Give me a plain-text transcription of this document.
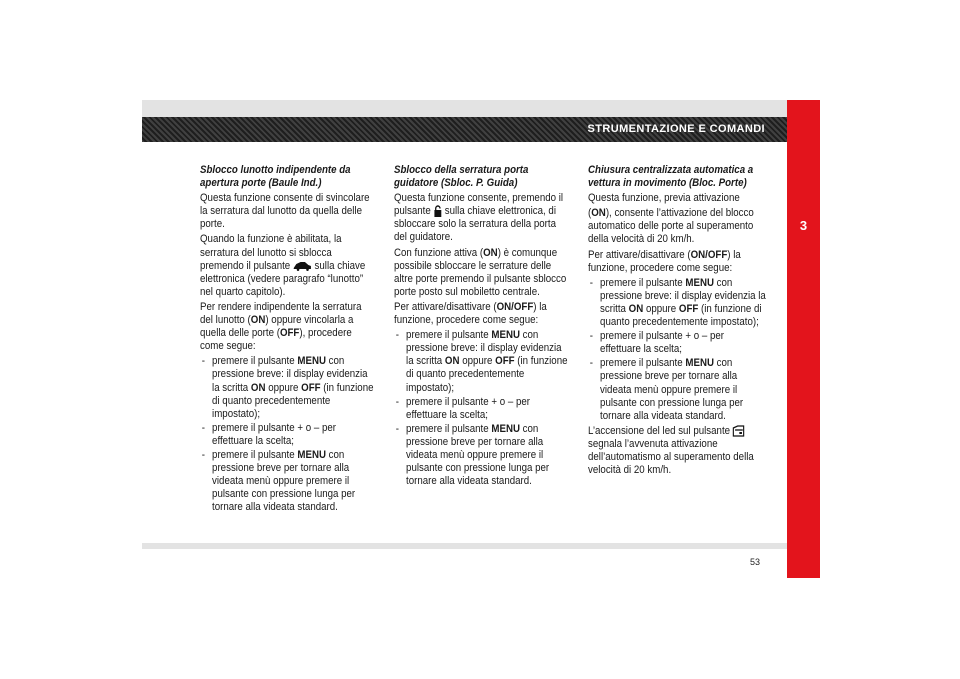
STRUMENTAZIONE E COMANDI
3

Sblocco lunotto indipendente da apertura porte (Baule Ind.)

Questa funzione consente di svincolare la serratura dal lunotto da quella delle porte.

Quando la funzione è abilitata, la serratura del lunotto si sblocca premendo il pulsante sulla chiave elettronica (vedere paragrafo “lunotto” nel quarto capitolo).

Per rendere indipendente la serratura del lunotto (ON) oppure vincolarla a quella delle porte (OFF), procedere come segue:

- premere il pulsante MENU con pressione breve: il display evidenzia la scritta ON oppure OFF (in funzione di quanto precedentemente impostato);
- premere il pulsante + o – per effettuare la scelta;
- premere il pulsante MENU con pressione breve per tornare alla videata menù oppure premere il pulsante con pressione lunga per tornare alla videata standard.

Sblocco della serratura porta guidatore (Sbloc. P. Guida)

Questa funzione consente, premendo il pulsante sulla chiave elettronica, di sbloccare solo la serratura della porta del guidatore.

Con funzione attiva (ON) è comunque possibile sbloccare le serrature delle altre porte premendo il pulsante sblocco porte posto sul mobiletto centrale.

Per attivare/disattivare (ON/OFF) la funzione, procedere come segue:

- premere il pulsante MENU con pressione breve: il display evidenzia la scritta ON oppure OFF (in funzione di quanto precedentemente impostato);
- premere il pulsante + o – per effettuare la scelta;
- premere il pulsante MENU con pressione breve per tornare alla videata menù oppure premere il pulsante con pressione lunga per tornare alla videata standard.

Chiusura centralizzata automatica a vettura in movimento (Bloc. Porte)

Questa funzione, previa attivazione

(ON), consente l’attivazione del blocco automatico delle porte al superamento della velocità di 20 km/h.

Per attivare/disattivare (ON/OFF) la funzione, procedere come segue:

- premere il pulsante MENU con pressione breve: il display evidenzia la scritta ON oppure OFF (in funzione di quanto precedentemente impostato);
- premere il pulsante + o – per effettuare la scelta;
- premere il pulsante MENU con pressione breve per tornare alla videata menù oppure premere il pulsante con pressione lunga per tornare alla videata standard.

L’accensione del led sul pulsante  segnala l’avvenuta attivazione dell’automatismo al superamento della velocità di 20 km/h.

53
